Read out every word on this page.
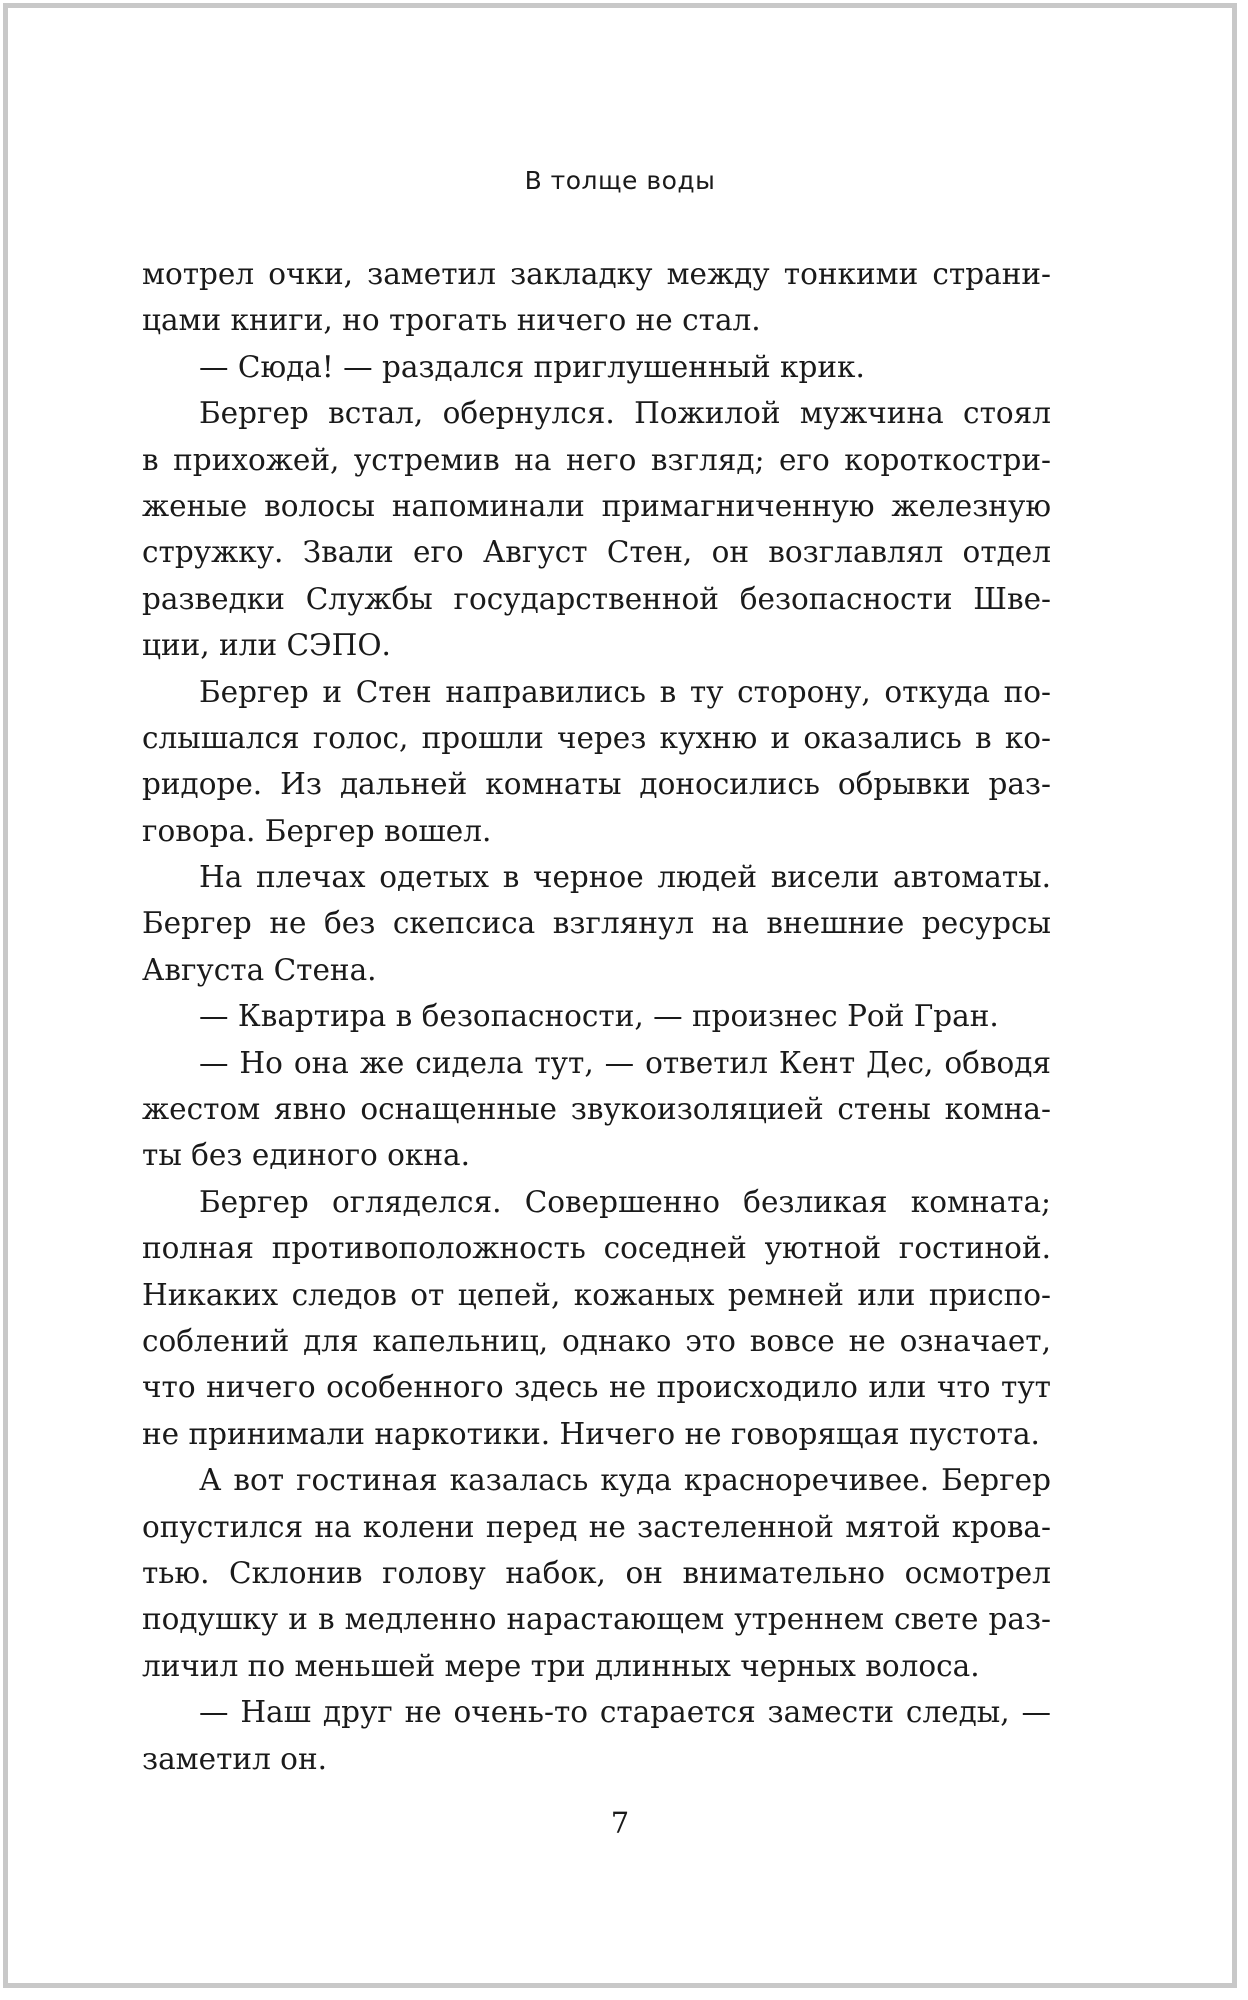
В толще воды
мотрел очки, заметил закладку между тонкими страни-
цами книги, но трогать ничего не стал.
— Сюда! — раздался приглушенный крик.
Бергер встал, обернулся. Пожилой мужчина стоял
в прихожей, устремив на него взгляд; его короткостри-
женые волосы напоминали примагниченную железную
стружку. Звали его Август Стен, он возглавлял отдел
разведки Службы государственной безопасности Шве-
ции, или СЭПО.
Бергер и Стен направились в ту сторону, откуда по-
слышался голос, прошли через кухню и оказались в ко-
ридоре. Из дальней комнаты доносились обрывки раз-
говора. Бергер вошел.
На плечах одетых в черное людей висели автоматы.
Бергер не без скепсиса взглянул на внешние ресурсы
Августа Стена.
— Квартира в безопасности, — произнес Рой Гран.
— Но она же сидела тут, — ответил Кент Дес, обводя
жестом явно оснащенные звукоизоляцией стены комна-
ты без единого окна.
Бергер огляделся. Совершенно безликая комната;
полная противоположность соседней уютной гостиной.
Никаких следов от цепей, кожаных ремней или приспо-
соблений для капельниц, однако это вовсе не означает,
что ничего особенного здесь не происходило или что тут
не принимали наркотики. Ничего не говорящая пустота.
А вот гостиная казалась куда красноречивее. Бергер
опустился на колени перед не застеленной мятой крова-
тью. Склонив голову набок, он внимательно осмотрел
подушку и в медленно нарастающем утреннем свете раз-
личил по меньшей мере три длинных черных волоса.
— Наш друг не очень-то старается замести следы, —
заметил он.
7
